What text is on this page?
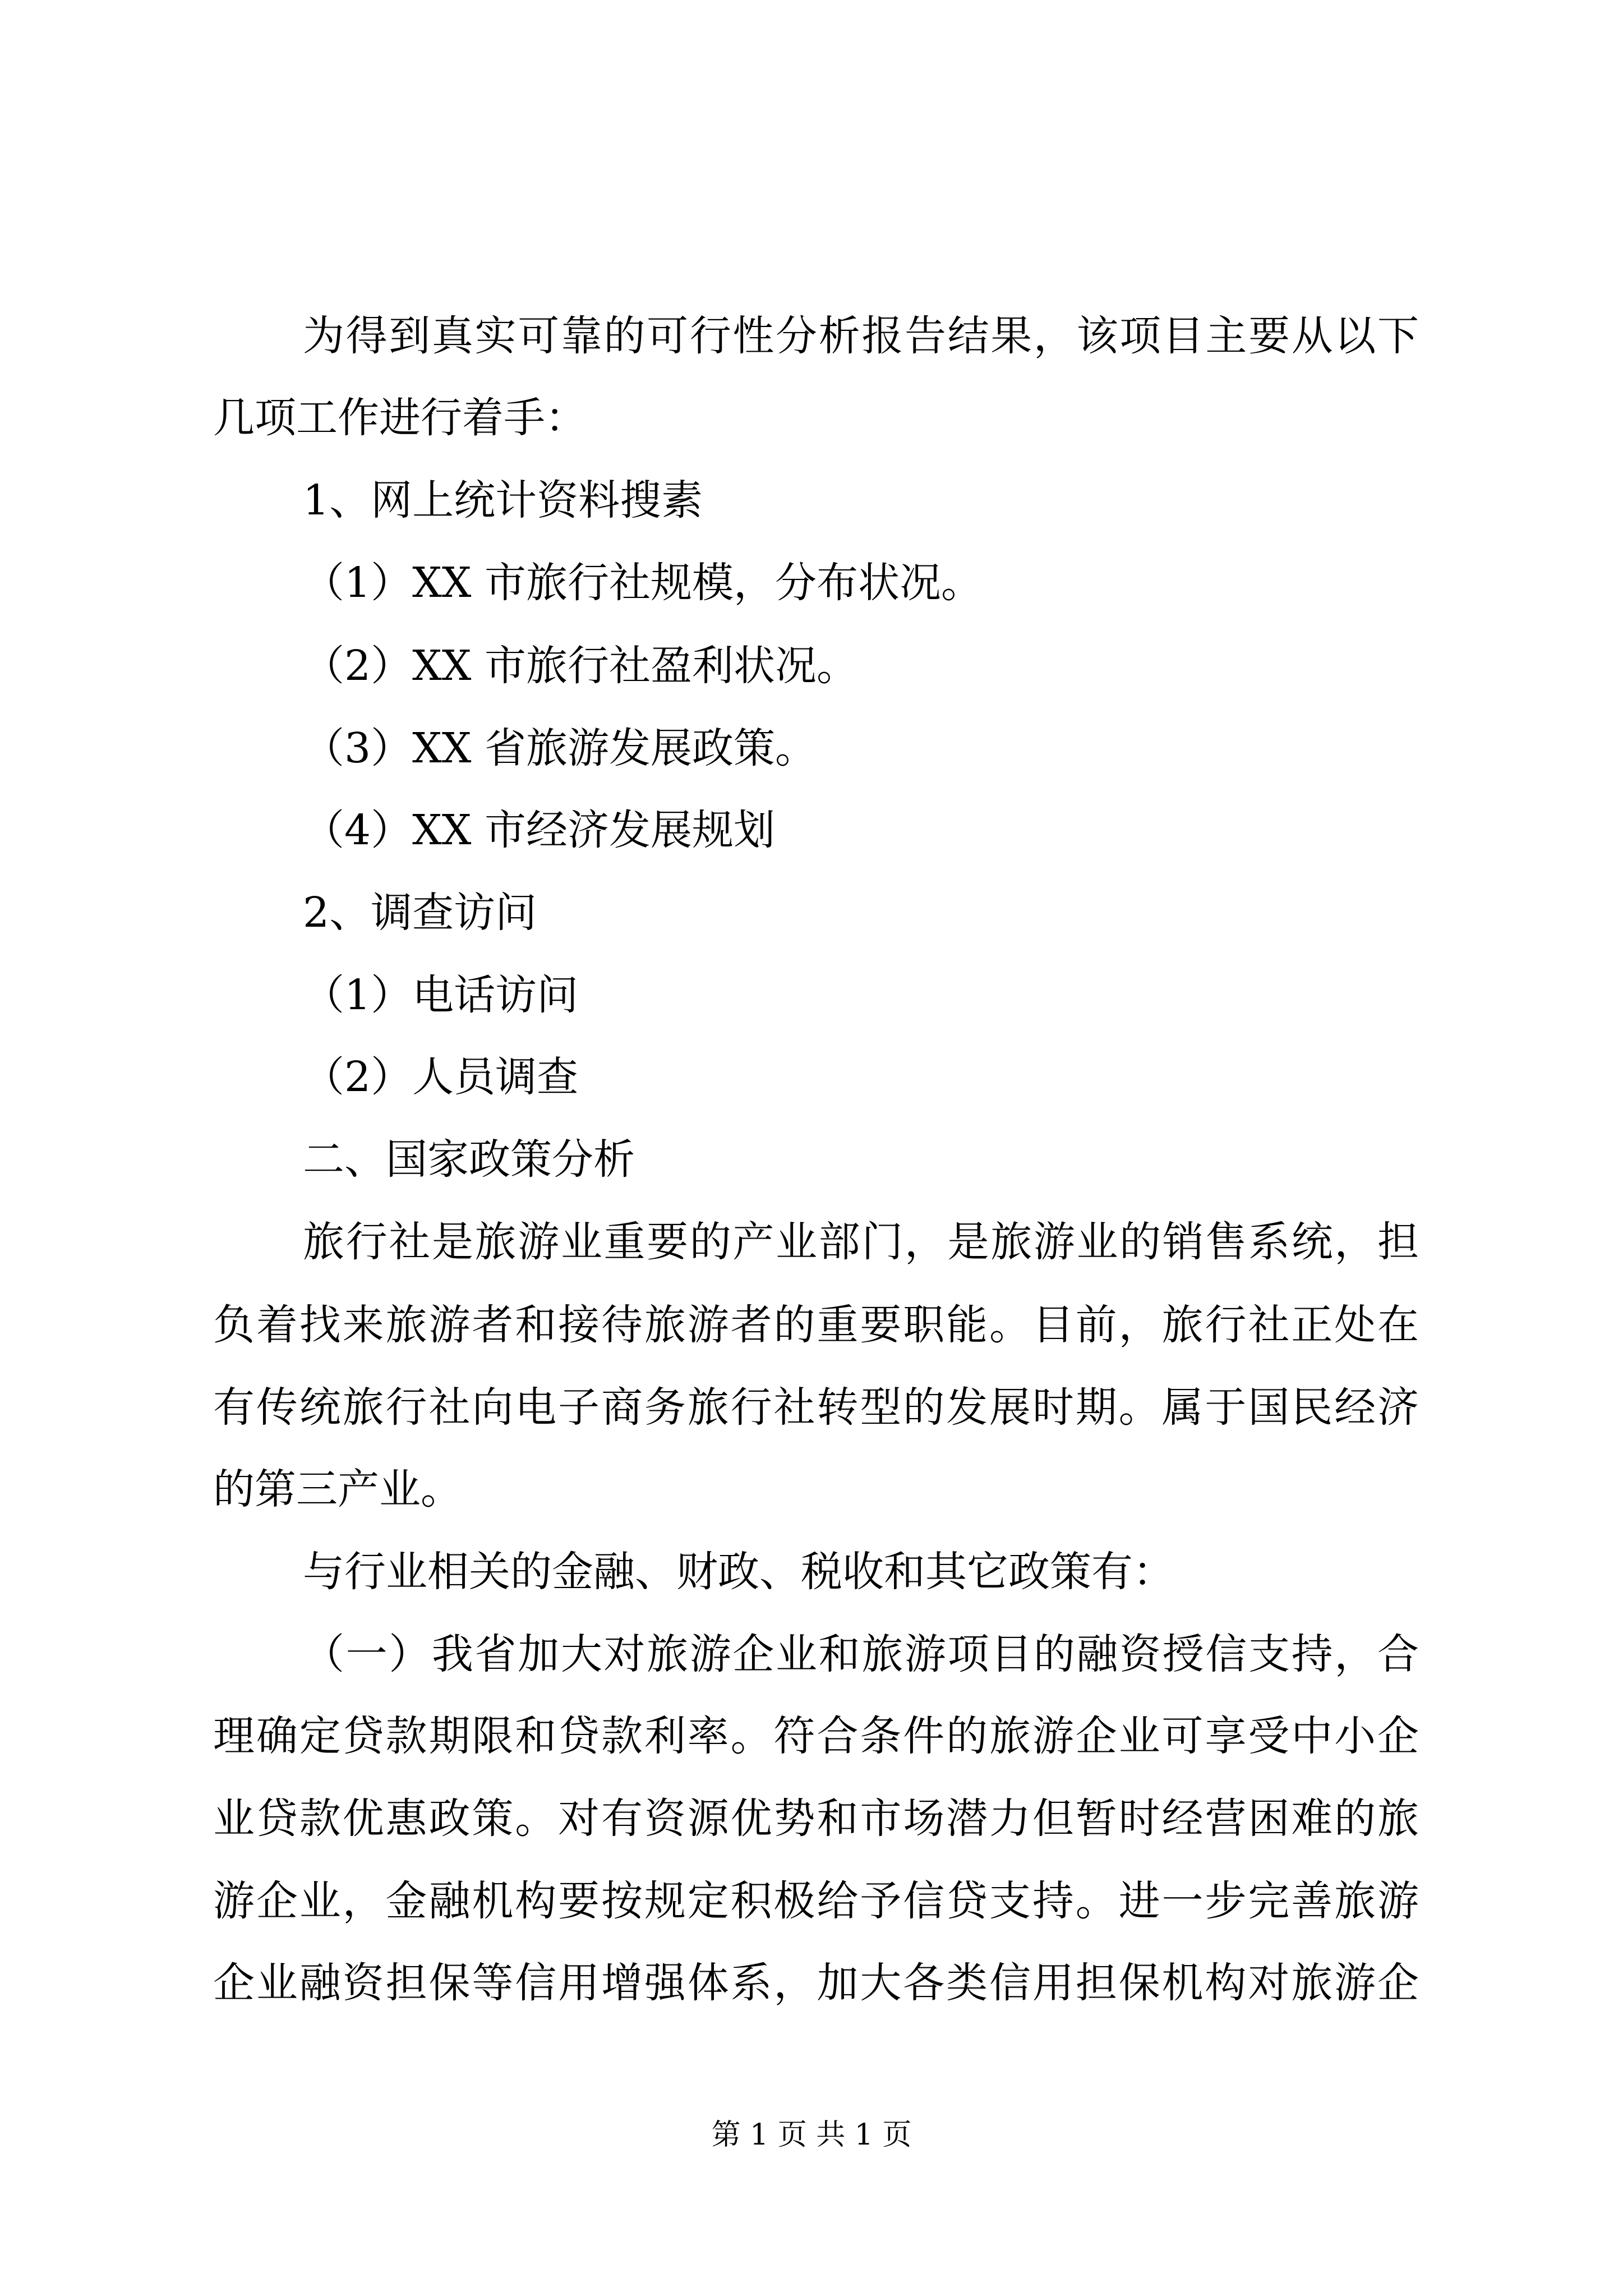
为得到真实可靠的可行性分析报告结果，该项目主要从以下

几项工作进行着手：

1、网上统计资料搜素

（1）XX 市旅行社规模，分布状况。

（2）XX 市旅行社盈利状况。

（3）XX 省旅游发展政策。

（4）XX 市经济发展规划

2、调查访问

（1）电话访问

（2）人员调查

二、国家政策分析

旅行社是旅游业重要的产业部门，是旅游业的销售系统，担

负着找来旅游者和接待旅游者的重要职能。目前，旅行社正处在

有传统旅行社向电子商务旅行社转型的发展时期。属于国民经济

的第三产业。

与行业相关的金融、财政、税收和其它政策有：

（一）我省加大对旅游企业和旅游项目的融资授信支持，合

理确定贷款期限和贷款利率。符合条件的旅游企业可享受中小企

业贷款优惠政策。对有资源优势和市场潜力但暂时经营困难的旅

游企业，金融机构要按规定积极给予信贷支持。进一步完善旅游

企业融资担保等信用增强体系，加大各类信用担保机构对旅游企

第 1 页 共 1 页
